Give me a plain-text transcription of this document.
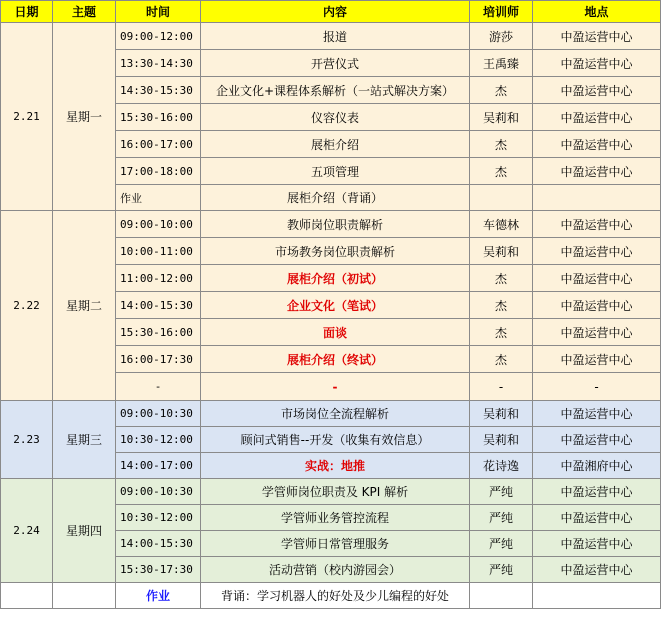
日期	主题	时间	内容	培训师	地点
2.21	星期一	09:00-12:00	报道	游莎	中盈运营中心
		13:30-14:30	开营仪式	王禹臻	中盈运营中心
		14:30-15:30	企业文化+课程体系解析（一站式解决方案）	杰	中盈运营中心
		15:30-16:00	仪容仪表	吴莉和	中盈运营中心
		16:00-17:00	展柜介绍	杰	中盈运营中心
		17:00-18:00	五项管理	杰	中盈运营中心
		作业	展柜介绍（背诵）		
2.22	星期二	09:00-10:00	教师岗位职责解析	车德林	中盈运营中心
		10:00-11:00	市场教务岗位职责解析	吴莉和	中盈运营中心
		11:00-12:00	展柜介绍（初试）	杰	中盈运营中心
		14:00-15:30	企业文化（笔试）	杰	中盈运营中心
		15:30-16:00	面谈	杰	中盈运营中心
		16:00-17:30	展柜介绍（终试）	杰	中盈运营中心
		-	-	-	-
2.23	星期三	09:00-10:30	市场岗位全流程解析	吴莉和	中盈运营中心
		10:30-12:00	顾问式销售--开发（收集有效信息）	吴莉和	中盈运营中心
		14:00-17:00	实战：地推	花诗逸	中盈湘府中心
2.24	星期四	09:00-10:30	学管师岗位职责及 KPI 解析	严纯	中盈运营中心
		10:30-12:00	学管师业务管控流程	严纯	中盈运营中心
		14:00-15:30	学管师日常管理服务	严纯	中盈运营中心
		15:30-17:30	活动营销（校内游园会）	严纯	中盈运营中心
		作业	背诵：学习机器人的好处及少儿编程的好处		
